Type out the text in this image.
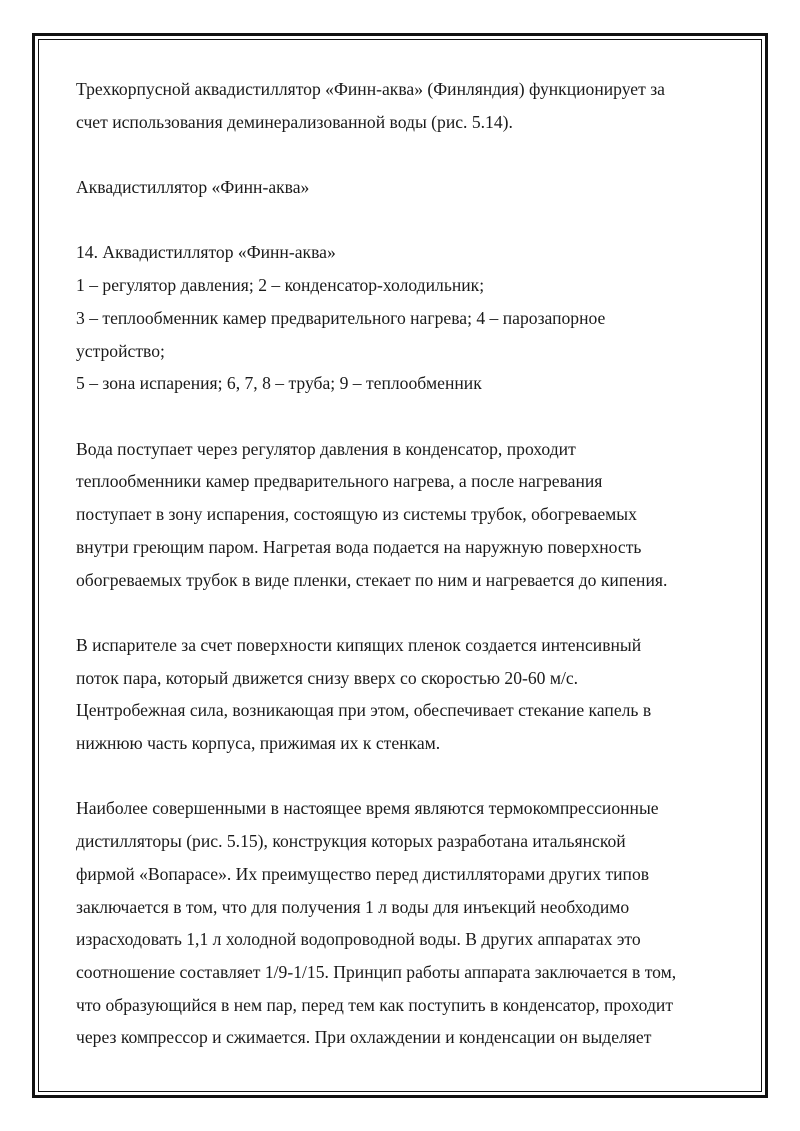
Трехкорпусной аквадистиллятор «Финн-аква» (Финляндия) функционирует за
счет использования деминерализованной воды (рис. 5.14).

Аквадистиллятор «Финн-аква»

14. Аквадистиллятор «Финн-аква»
1 – регулятор давления; 2 – конденсатор-холодильник;
3 – теплообменник камер предварительного нагрева; 4 – парозапорное
устройство;
5 – зона испарения; 6, 7, 8 – труба; 9 – теплообменник

Вода поступает через регулятор давления в конденсатор, проходит
теплообменники камер предварительного нагрева, а после нагревания
поступает в зону испарения, состоящую из системы трубок, обогреваемых
внутри греющим паром. Нагретая вода подается на наружную поверхность
обогреваемых трубок в виде пленки, стекает по ним и нагревается до кипения.

В испарителе за счет поверхности кипящих пленок создается интенсивный
поток пара, который движется снизу вверх со скоростью 20-60 м/с.
Центробежная сила, возникающая при этом, обеспечивает стекание капель в
нижнюю часть корпуса, прижимая их к стенкам.

Наиболее совершенными в настоящее время являются термокомпрессионные
дистилляторы (рис. 5.15), конструкция которых разработана итальянской
фирмой «Вопарасе». Их преимущество перед дистилляторами других типов
заключается в том, что для получения 1 л воды для инъекций необходимо
израсходовать 1,1 л холодной водопроводной воды. В других аппаратах это
соотношение составляет 1/9-1/15. Принцип работы аппарата заключается в том,
что образующийся в нем пар, перед тем как поступить в конденсатор, проходит
через компрессор и сжимается. При охлаждении и конденсации он выделяет
